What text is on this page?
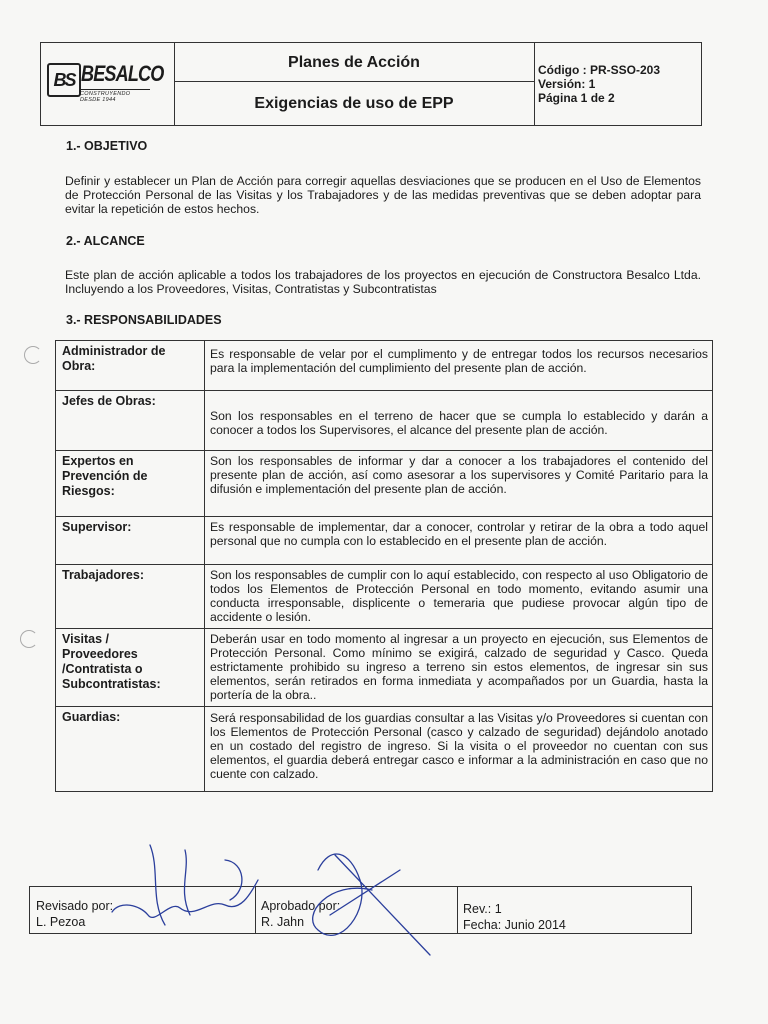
BS BESALCO
CONSTRUYENDO DESDE 1944
Planes de Acción
Exigencias de uso de EPP
Código : PR-SSO-203
Versión: 1
Página 1 de 2
1.- OBJETIVO
Definir y establecer un Plan de Acción para corregir aquellas desviaciones que se producen en el Uso de Elementos de Protección Personal de las Visitas y los Trabajadores y de las medidas preventivas que se deben adoptar para evitar la repetición de estos hechos.
2.- ALCANCE
Este plan de acción aplicable a todos los trabajadores de los proyectos en ejecución de Constructora Besalco Ltda. Incluyendo a los Proveedores, Visitas, Contratistas y Subcontratistas
3.- RESPONSABILIDADES
Administrador de Obra:
Es responsable de velar por el cumplimento y de entregar todos los recursos necesarios para la implementación del cumplimiento del presente plan de acción.
Jefes de Obras:
Son los responsables en el terreno de hacer que se cumpla lo establecido y darán a conocer a todos los Supervisores, el alcance del presente plan de acción.
Expertos en Prevención de Riesgos:
Son los responsables de informar y dar a conocer a los trabajadores el contenido del presente plan de acción, así como asesorar a los supervisores y Comité Paritario para la difusión e implementación del presente plan de acción.
Supervisor:	Es responsable de implementar, dar a conocer, controlar y retirar de la obra a todo aquel personal que no cumpla con lo establecido en el presente plan de acción.
Trabajadores:	Son los responsables de cumplir con lo aquí establecido, con respecto al uso Obligatorio de todos los Elementos de Protección Personal en todo momento, evitando asumir una conducta irresponsable, displicente o temeraria que pudiese provocar algún tipo de accidente o lesión.
Visitas / Proveedores /Contratista o Subcontratistas:
Deberán usar en todo momento al ingresar a un proyecto en ejecución, sus Elementos de Protección Personal. Como mínimo se exigirá, calzado de seguridad y Casco. Queda estrictamente prohibido su ingreso a terreno sin estos elementos, de ingresar sin sus elementos, serán retirados en forma inmediata y acompañados por un Guardia, hasta la portería de la obra..
Guardias:	Será responsabilidad de los guardias consultar a las Visitas y/o Proveedores si cuentan con los Elementos de Protección Personal (casco y calzado de seguridad) dejándolo anotado en un costado del registro de ingreso. Si la visita o el proveedor no cuentan con sus elementos, el guardia deberá entregar casco e informar a la administración en caso que no cuente con calzado.
Revisado por:
L. Pezoa
Aprobado por:
R. Jahn
Rev.: 1
Fecha: Junio 2014
